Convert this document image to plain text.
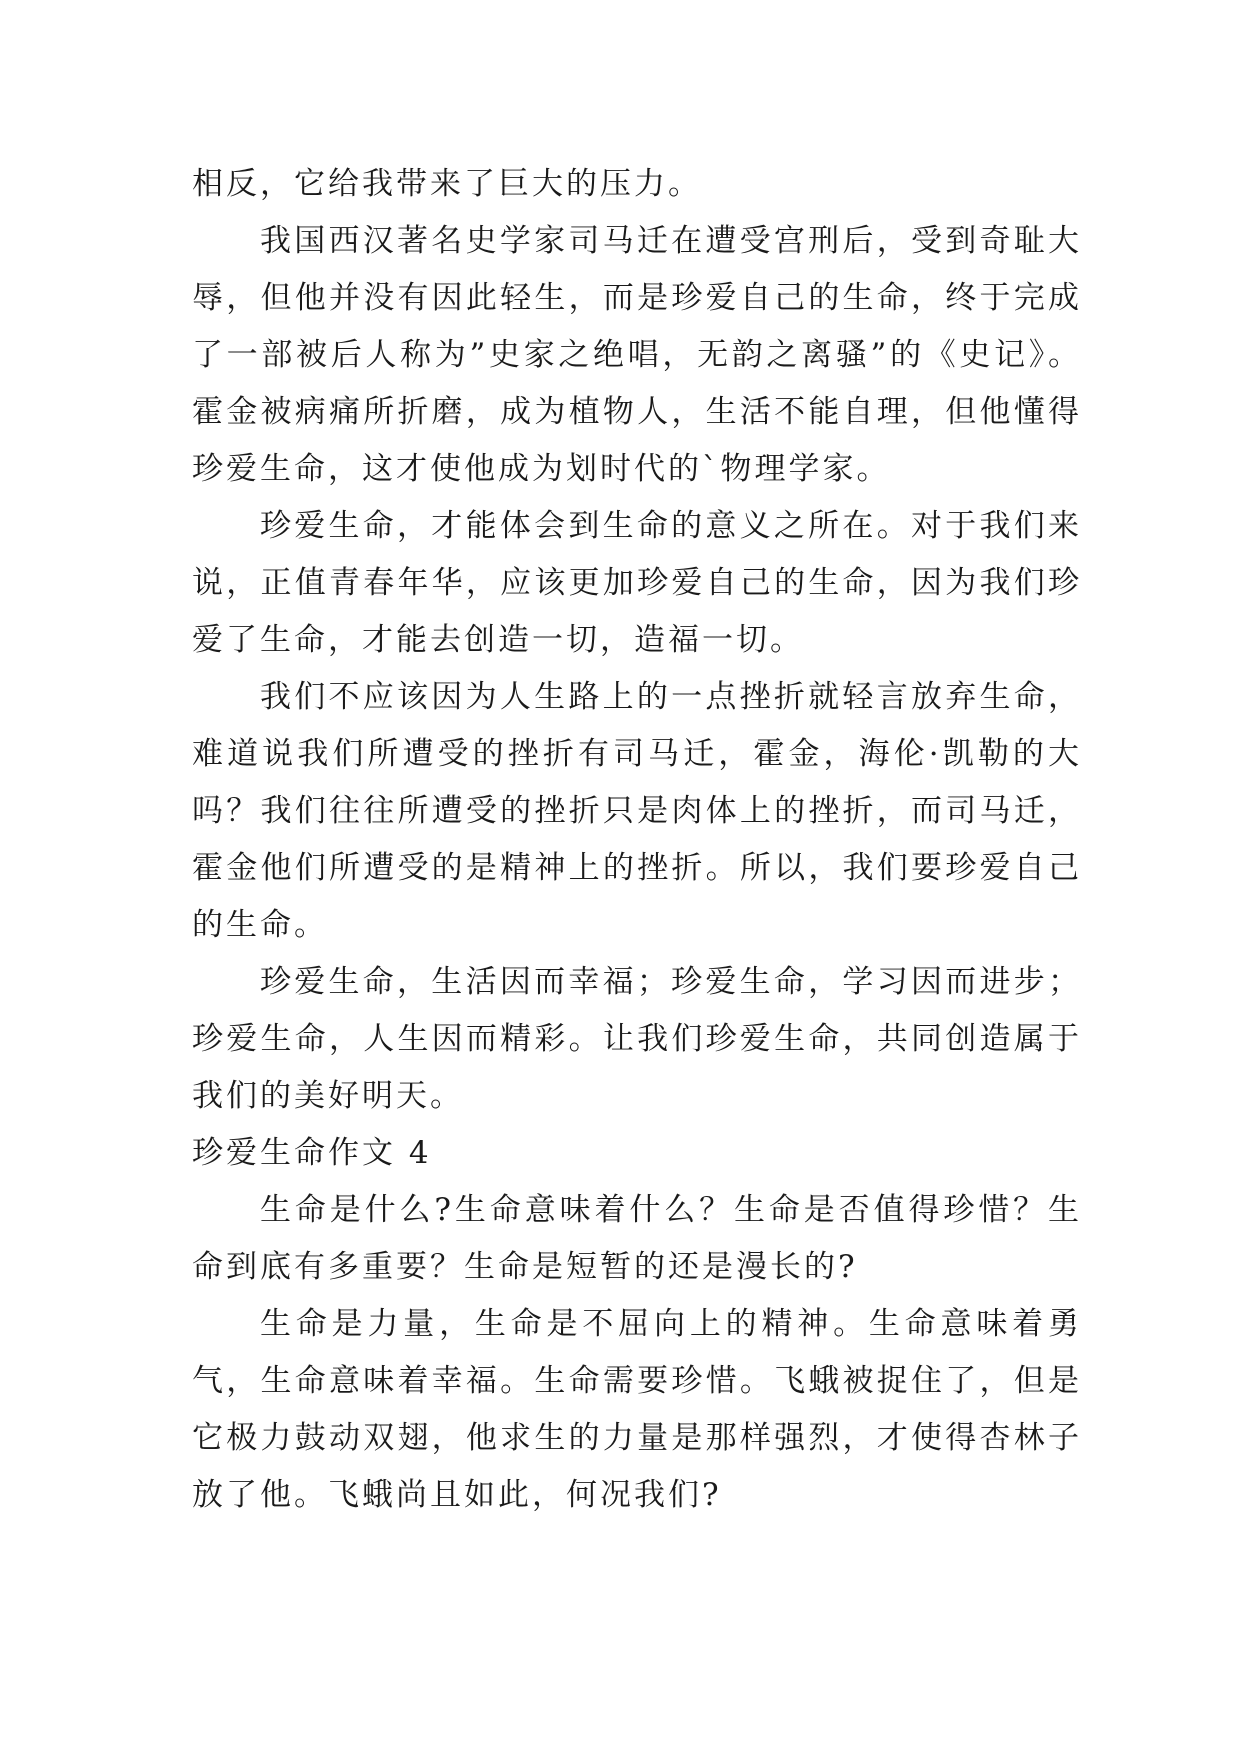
相反，它给我带来了巨大的压力。

我国西汉著名史学家司马迁在遭受宫刑后，受到奇耻大辱，但他并没有因此轻生，而是珍爱自己的生命，终于完成了一部被后人称为”史家之绝唱，无韵之离骚”的《史记》。霍金被病痛所折磨，成为植物人，生活不能自理，但他懂得珍爱生命，这才使他成为划时代的`物理学家。

珍爱生命，才能体会到生命的意义之所在。对于我们来说，正值青春年华，应该更加珍爱自己的生命，因为我们珍爱了生命，才能去创造一切，造福一切。

我们不应该因为人生路上的一点挫折就轻言放弃生命，难道说我们所遭受的挫折有司马迁，霍金，海伦·凯勒的大吗？我们往往所遭受的挫折只是肉体上的挫折，而司马迁，霍金他们所遭受的是精神上的挫折。所以，我们要珍爱自己的生命。

珍爱生命，生活因而幸福；珍爱生命，学习因而进步；珍爱生命，人生因而精彩。让我们珍爱生命，共同创造属于我们的美好明天。

珍爱生命作文 4

生命是什么?生命意味着什么？生命是否值得珍惜？生命到底有多重要？生命是短暂的还是漫长的?

生命是力量，生命是不屈向上的精神。生命意味着勇气，生命意味着幸福。生命需要珍惜。飞蛾被捉住了，但是它极力鼓动双翅，他求生的力量是那样强烈，才使得杏林子放了他。飞蛾尚且如此，何况我们?
